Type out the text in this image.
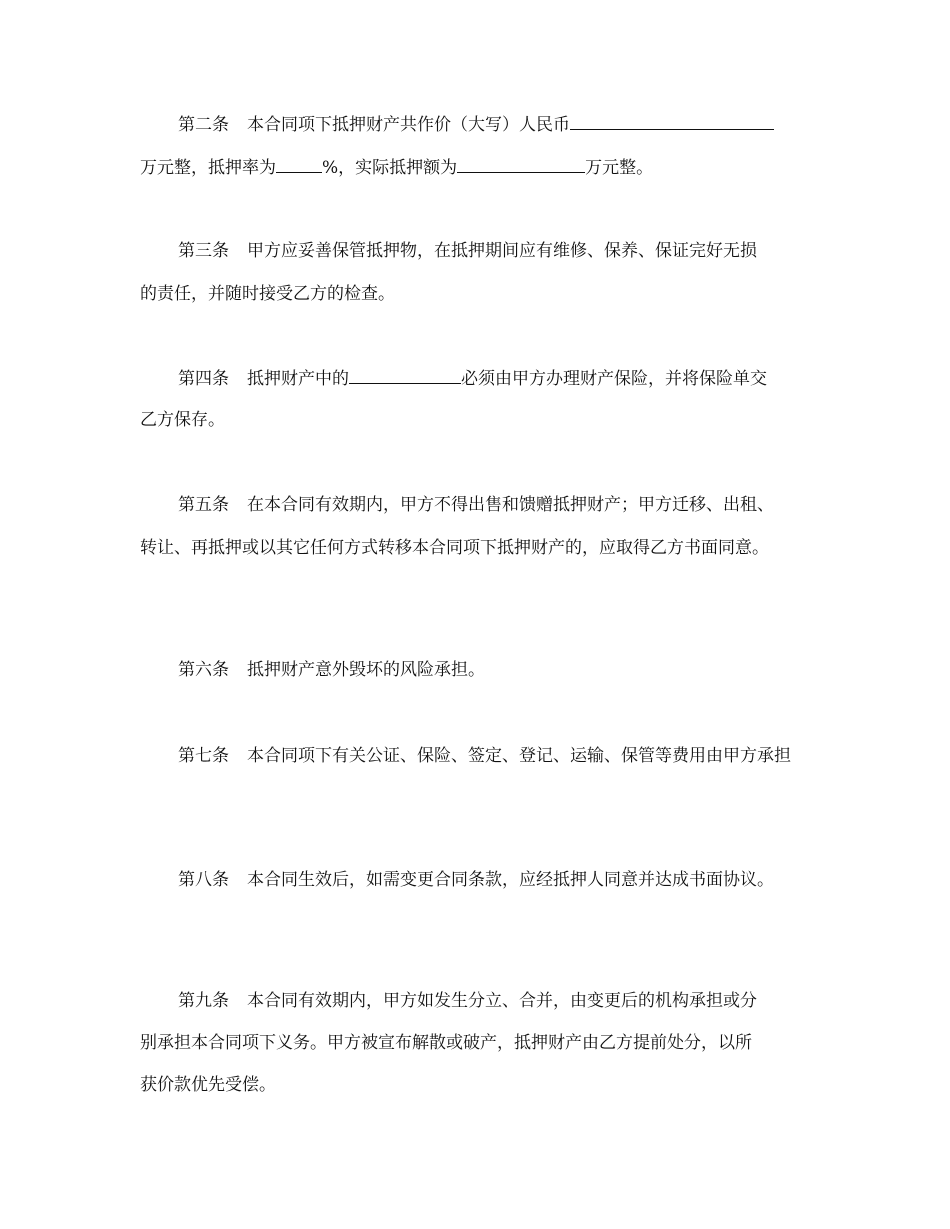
第二条 本合同项下抵押财产共作价（大写）人民币
万元整，抵押率为	%，实际抵押额为	万元整。
第三条 甲方应妥善保管抵押物，在抵押期间应有维修、保养、保证完好无损
的责任，并随时接受乙方的检查。
第四条 抵押财产中的	必须由甲方办理财产保险，并将保险单交
乙方保存。
第五条 在本合同有效期内，甲方不得出售和馈赠抵押财产；甲方迁移、出租、
转让、再抵押或以其它任何方式转移本合同项下抵押财产的，应取得乙方书面同意。
第六条 抵押财产意外毁坏的风险承担。
第七条 本合同项下有关公证、保险、签定、登记、运输、保管等费用由甲方承担
第八条 本合同生效后，如需变更合同条款，应经抵押人同意并达成书面协议。
第九条 本合同有效期内，甲方如发生分立、合并，由变更后的机构承担或分
别承担本合同项下义务。甲方被宣布解散或破产，抵押财产由乙方提前处分，以所
获价款优先受偿。
